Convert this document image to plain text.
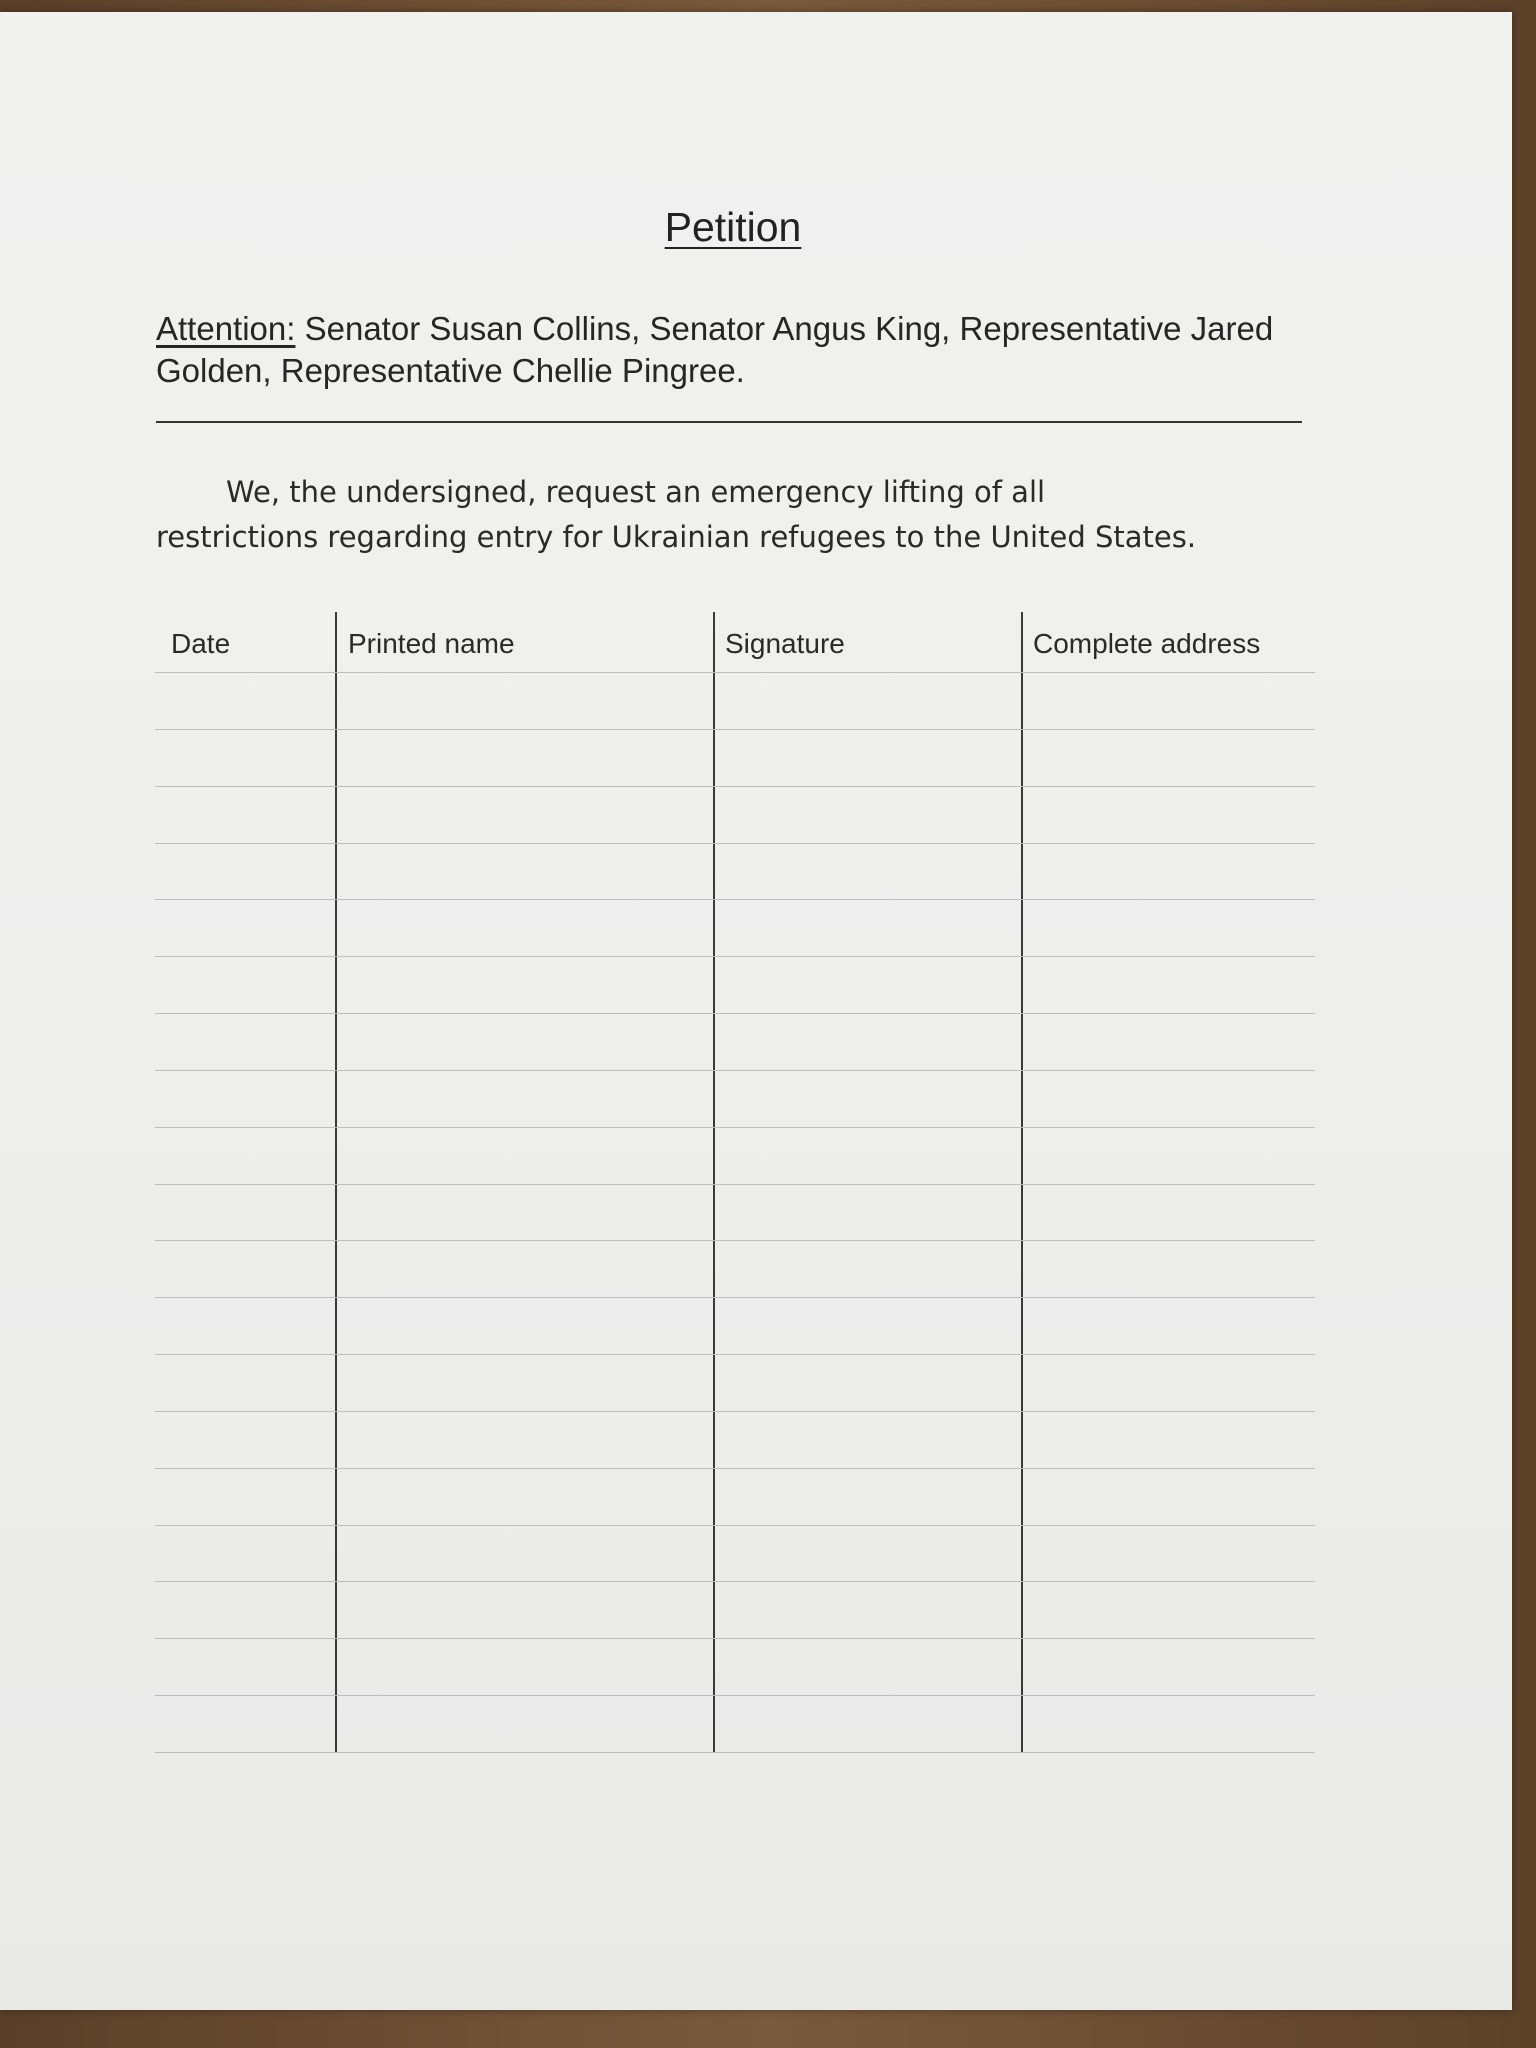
Petition
Attention: Senator Susan Collins, Senator Angus King, Representative Jared Golden, Representative Chellie Pingree.
We, the undersigned, request an emergency lifting of all restrictions regarding entry for Ukrainian refugees to the United States.
Date	Printed name	Signature	Complete address
